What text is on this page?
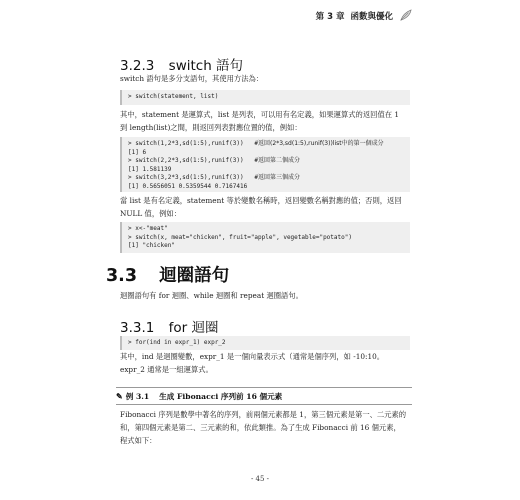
第 3 章 函數與優化
3.2.3 switch 語句
switch 語句是多分支語句，其使用方法為：
> switch(statement, list)
其中，statement 是運算式，list 是列表，可以用有名定義，如果運算式的返回值在 1 到 length(list)之間，則返回列表對應位置的值，例如：
> switch(1,2*3,sd(1:5),runif(3))   #返回(2*3,sd(1:5),runif(3))list中的第一個成分
[1] 6
> switch(2,2*3,sd(1:5),runif(3))   #返回第二個成分
[1] 1.581139
> switch(3,2*3,sd(1:5),runif(3))   #返回第三個成分
[1] 0.5656051 0.5359544 0.7167416
當 list 是有名定義，statement 等於變數名稱時，返回變數名稱對應的值；否則，返回 NULL 值，例如：
> x<-"meat"
> switch(x, meat="chicken", fruit="apple", vegetable="potato")
[1] "chicken"
3.3 迴圈語句
迴圈語句有 for 迴圈、while 迴圈和 repeat 迴圈語句。
3.3.1 for 迴圈
> for(ind in expr_1) expr_2
其中，ind 是迴圈變數，expr_1 是一個向量表示式（通常是個序列，如 -10:10。expr_2 通常是一組運算式。
✎ 例 3.1 生成 Fibonacci 序列前 16 個元素
Fibonacci 序列是數學中著名的序列，前兩個元素都是 1，第三個元素是第一、二元素的和，第四個元素是第二、三元素的和，依此類推。為了生成 Fibonacci 前 16 個元素，程式如下：
- 45 -
